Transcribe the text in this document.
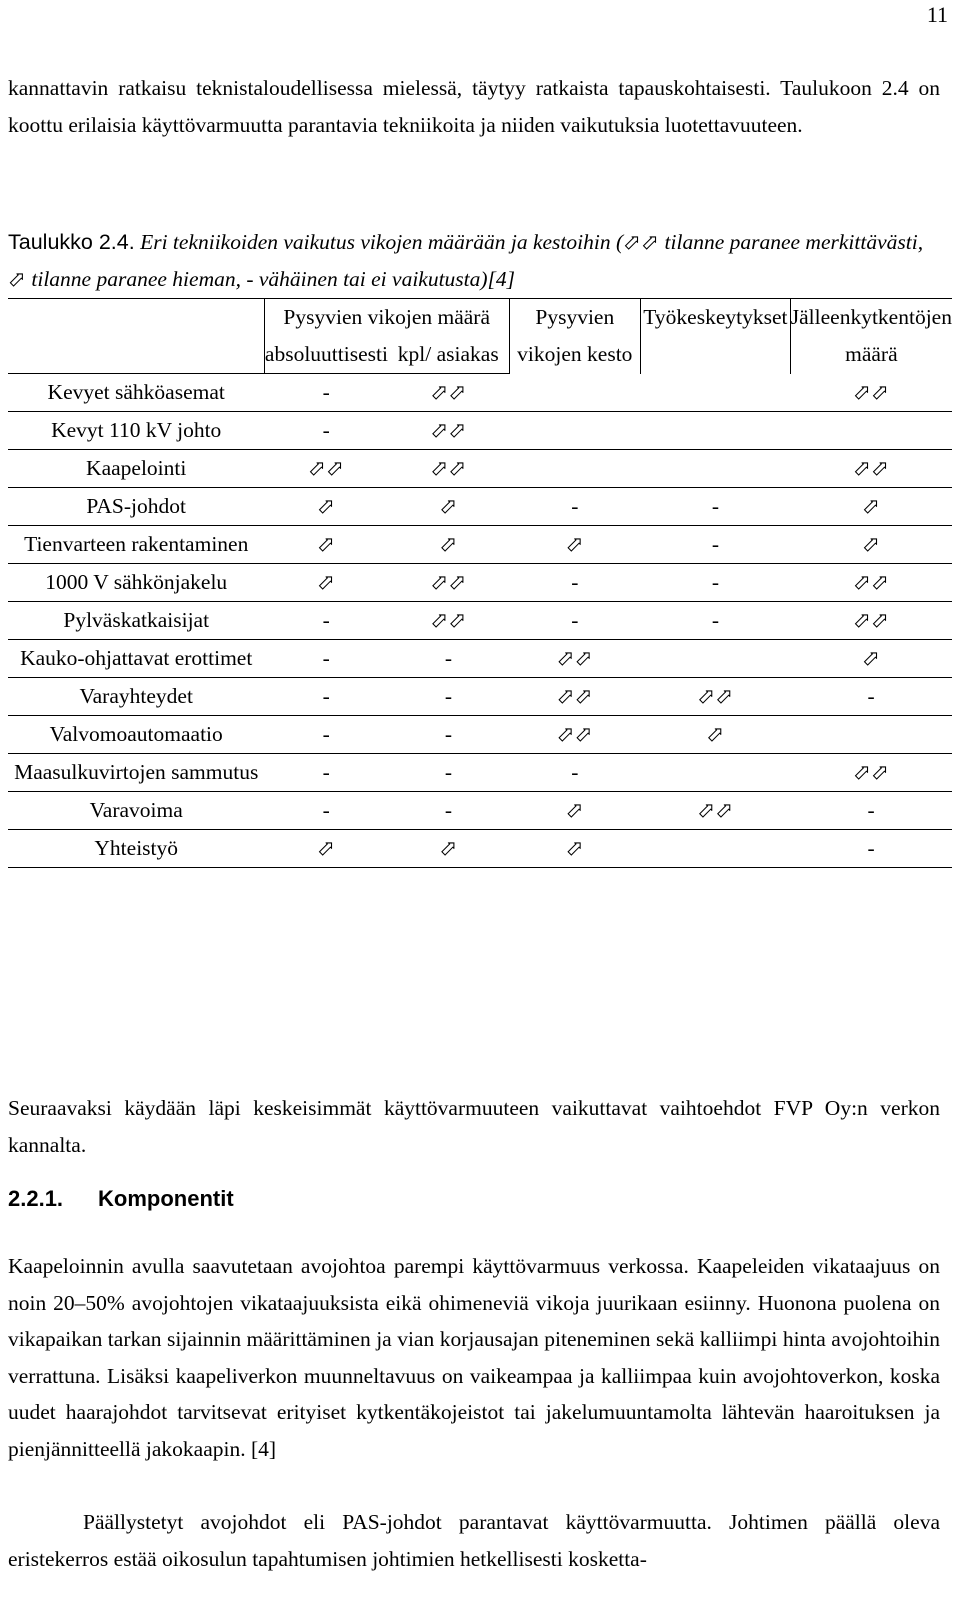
11
kannattavin ratkaisu teknistaloudellisessa mielessä, täytyy ratkaista tapauskohtaisesti. Taulukoon 2.4 on koottu erilaisia käyttövarmuutta parantavia tekniikoita ja niiden vaikutuksia luotettavuuteen.
Taulukko 2.4. Eri tekniikoiden vaikutus vikojen määrään ja kestoihin (⬀⬀ tilanne paranee merkittävästi, ⬀ tilanne paranee hieman, - vähäinen tai ei vaikutusta)[4]
	Pysyvien vikojen määrä		Pysyvien vikojen kesto	Työkeskeytykset	Jälleenkytkentöjen määrä
	absoluuttisesti	kpl/ asiakas			
Kevyet sähköasemat	-	⬀⬀			⬀⬀
Kevyt 110 kV johto	-	⬀⬀			
Kaapelointi	⬀⬀	⬀⬀			⬀⬀
PAS-johdot	⬀	⬀	-	-	⬀
Tienvarteen rakentaminen	⬀	⬀	⬀	-	⬀
1000 V sähkönjakelu	⬀	⬀⬀	-	-	⬀⬀
Pylväskatkaisijat	-	⬀⬀	-	-	⬀⬀
Kauko-ohjattavat erottimet	-	-	⬀⬀		⬀
Varayhteydet	-	-	⬀⬀	⬀⬀	-
Valvomoautomaatio	-	-	⬀⬀	⬀	
Maasulkuvirtojen sammutus	-	-	-		⬀⬀
Varavoima	-	-	⬀	⬀⬀	-
Yhteistyö	⬀	⬀	⬀		-
Seuraavaksi käydään läpi keskeisimmät käyttövarmuuteen vaikuttavat vaihtoehdot FVP Oy:n verkon kannalta.
2.2.1. Komponentit
Kaapeloinnin avulla saavutetaan avojohtoa parempi käyttövarmuus verkossa. Kaapeleiden vikataajuus on noin 20–50% avojohtojen vikataajuuksista eikä ohimeneviä vikoja juurikaan esiinny. Huonona puolena on vikapaikan tarkan sijainnin määrittäminen ja vian korjausajan piteneminen sekä kalliimpi hinta avojohtoihin verrattuna. Lisäksi kaapeliverkon muunneltavuus on vaikeampaa ja kalliimpaa kuin avojohtoverkon, koska uudet haarajohdot tarvitsevat erityiset kytkentäkojeistot tai jakelumuuntamolta lähtevän haaroituksen ja pienjännitteellä jakokaapin. [4]
Päällystetyt avojohdot eli PAS-johdot parantavat käyttövarmuutta. Johtimen päällä oleva eristekerros estää oikosulun tapahtumisen johtimien hetkellisesti kosketta-
